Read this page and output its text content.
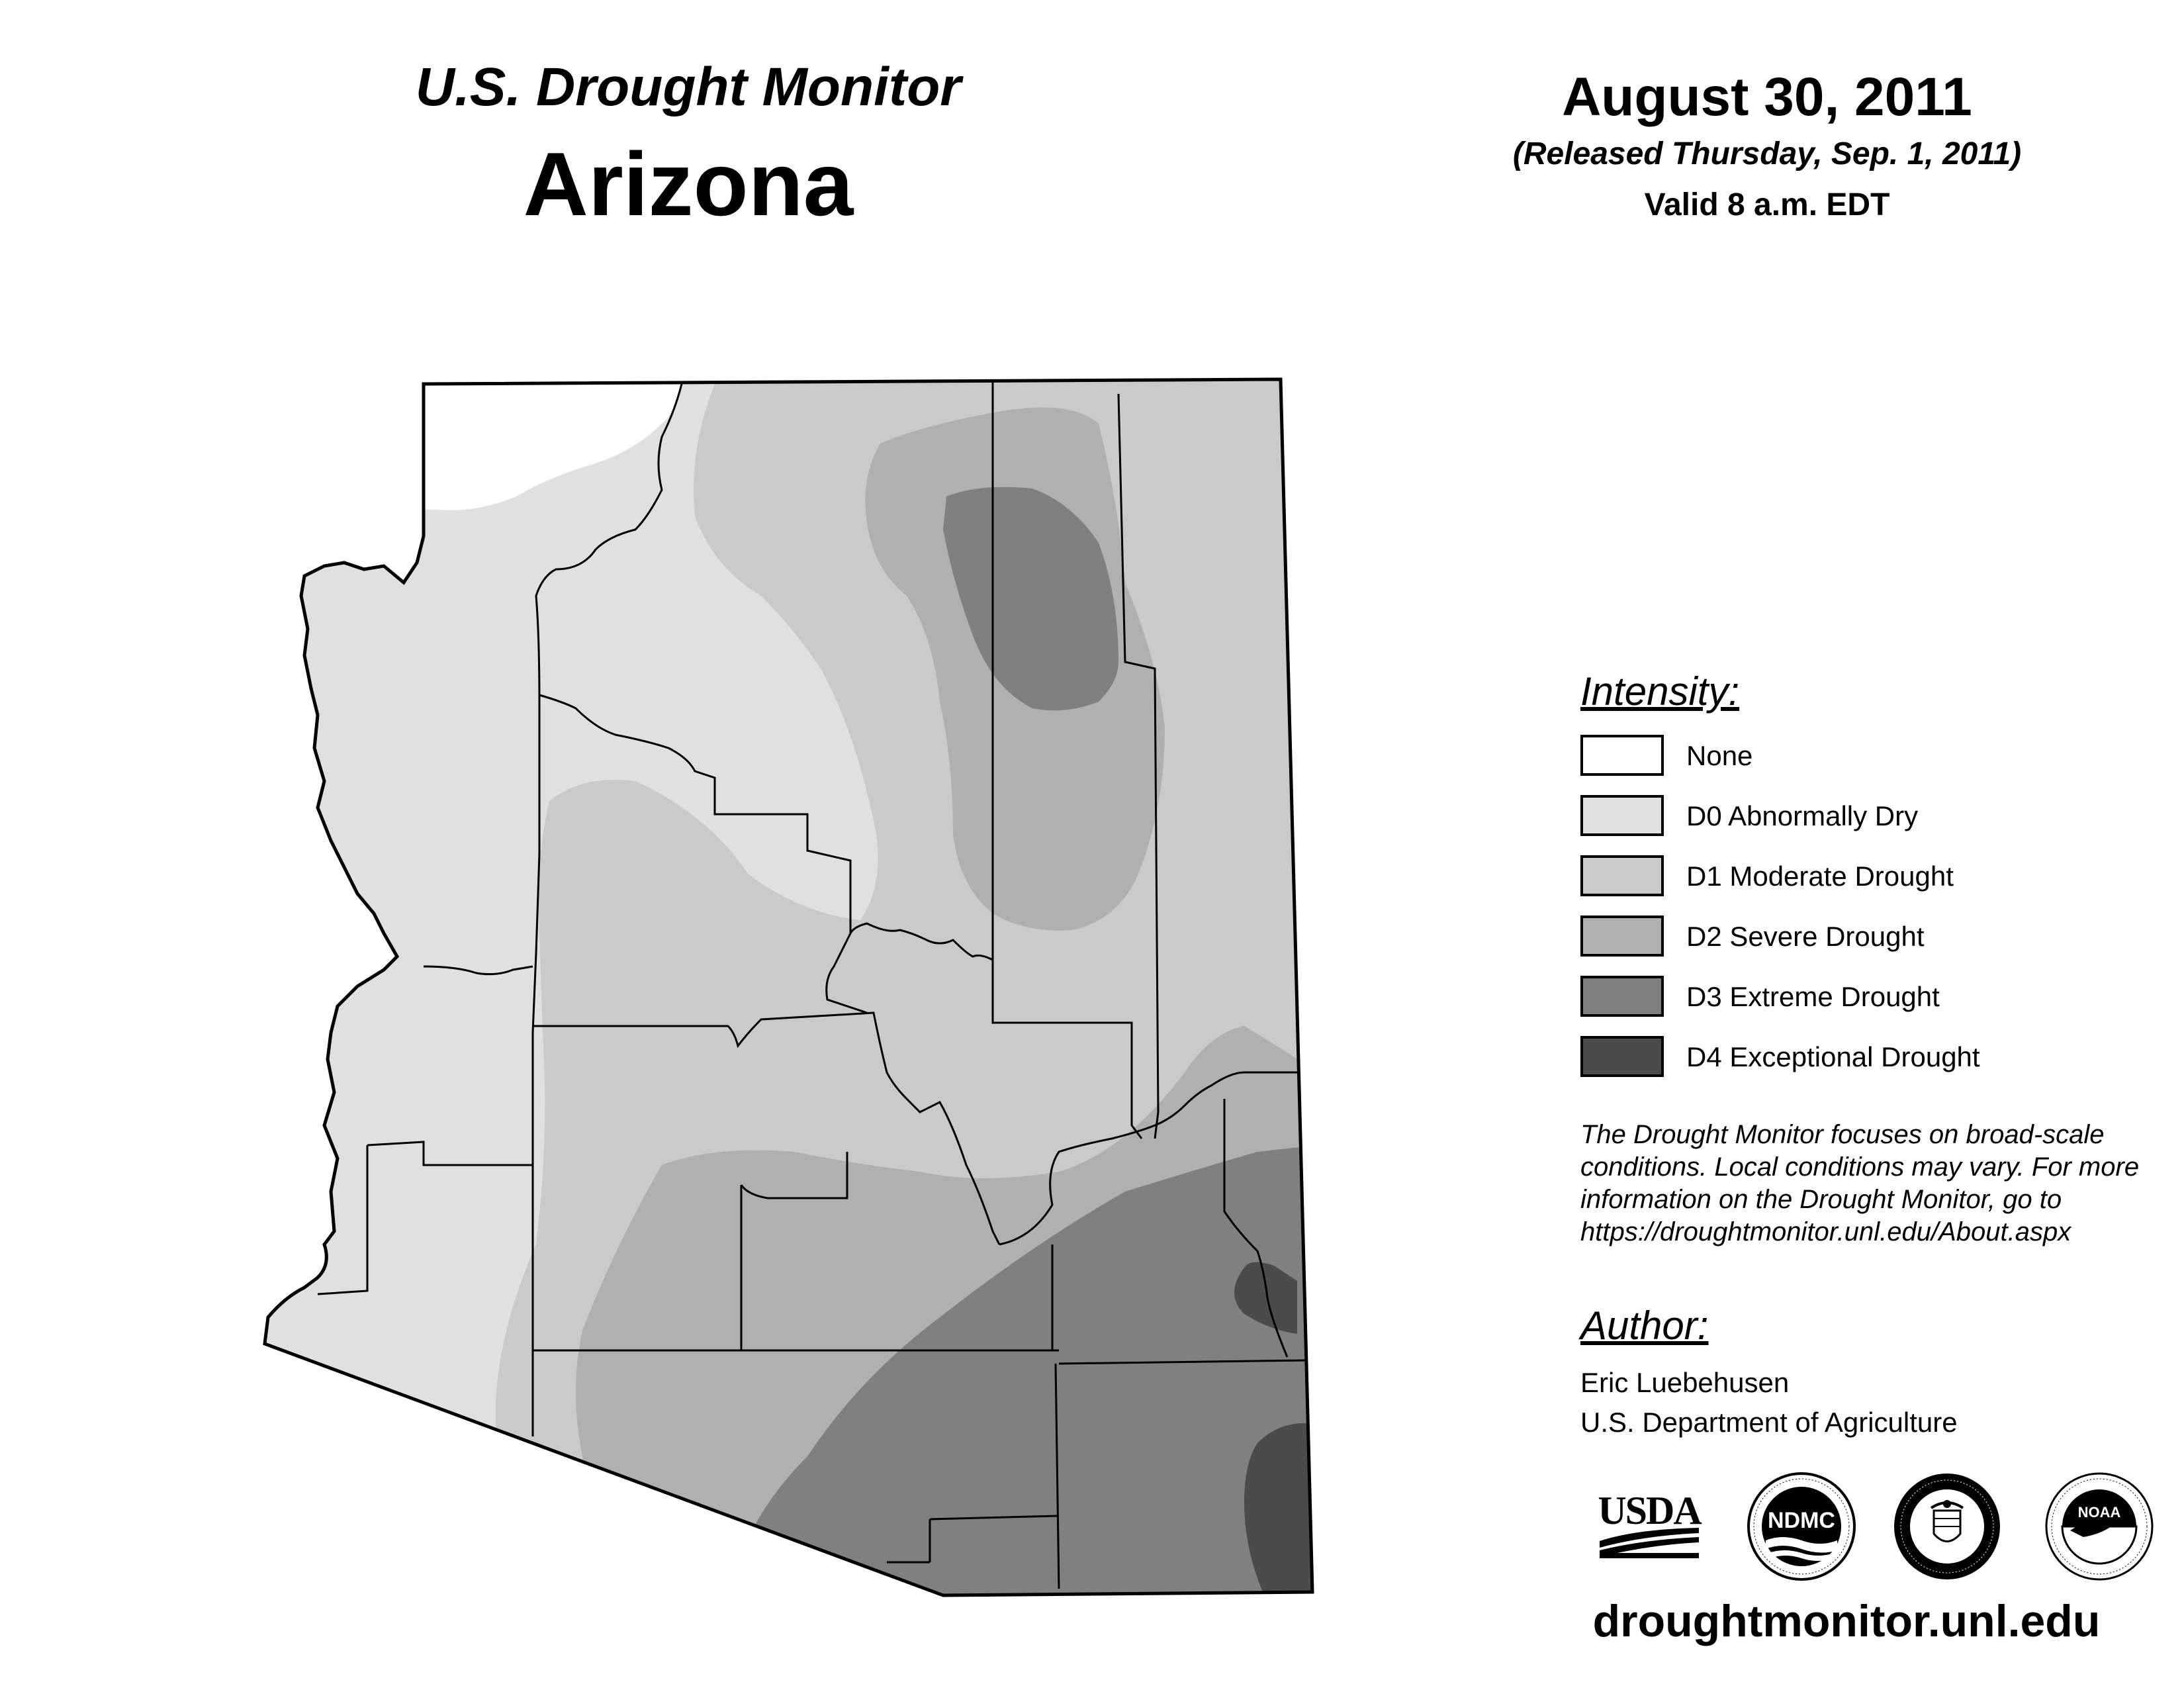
U.S. Drought Monitor
Arizona
August 30, 2011
(Released Thursday, Sep. 1, 2011)
Valid 8 a.m. EDT
Intensity:
None
D0 Abnormally Dry
D1 Moderate Drought
D2 Severe Drought
D3 Extreme Drought
D4 Exceptional Drought
The Drought Monitor focuses on broad-scale
conditions. Local conditions may vary. For more
information on the Drought Monitor, go to
https://droughtmonitor.unl.edu/About.aspx
Author:
Eric Luebehusen
U.S. Department of Agriculture
USDA	NDMC	NOAA
droughtmonitor.unl.edu
